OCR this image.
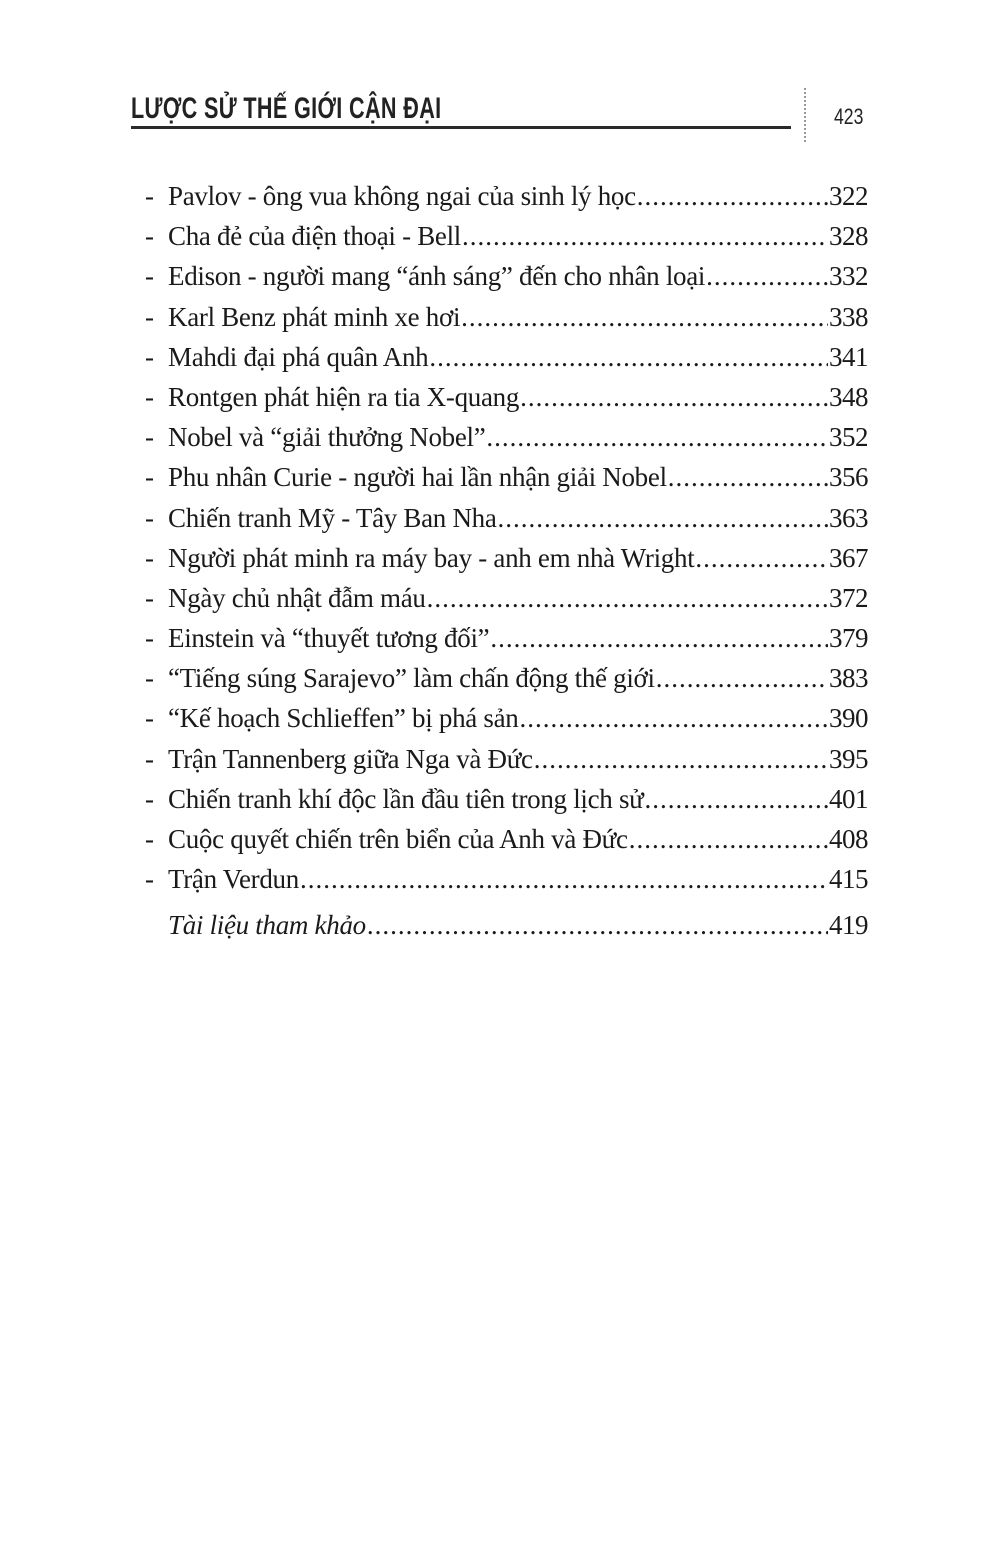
LƯỢC SỬ THẾ GIỚI CẬN ĐẠI	423
- Pavlov - ông vua không ngai của sinh lý học .....	322
- Cha đẻ của điện thoại - Bell .....	328
- Edison - người mang “ánh sáng” đến cho nhân loại .....	332
- Karl Benz phát minh xe hơi .....	338
- Mahdi đại phá quân Anh .....	341
- Rontgen phát hiện ra tia X-quang .....	348
- Nobel và “giải thưởng Nobel” .....	352
- Phu nhân Curie - người hai lần nhận giải Nobel .....	356
- Chiến tranh Mỹ - Tây Ban Nha .....	363
- Người phát minh ra máy bay - anh em nhà Wright .....	367
- Ngày chủ nhật đẫm máu .....	372
- Einstein và “thuyết tương đối” .....	379
- “Tiếng súng Sarajevo” làm chấn động thế giới .....	383
- “Kế hoạch Schlieffen” bị phá sản .....	390
- Trận Tannenberg giữa Nga và Đức .....	395
- Chiến tranh khí độc lần đầu tiên trong lịch sử .....	401
- Cuộc quyết chiến trên biển của Anh và Đức .....	408
- Trận Verdun .....	415
Tài liệu tham khảo .....	419
